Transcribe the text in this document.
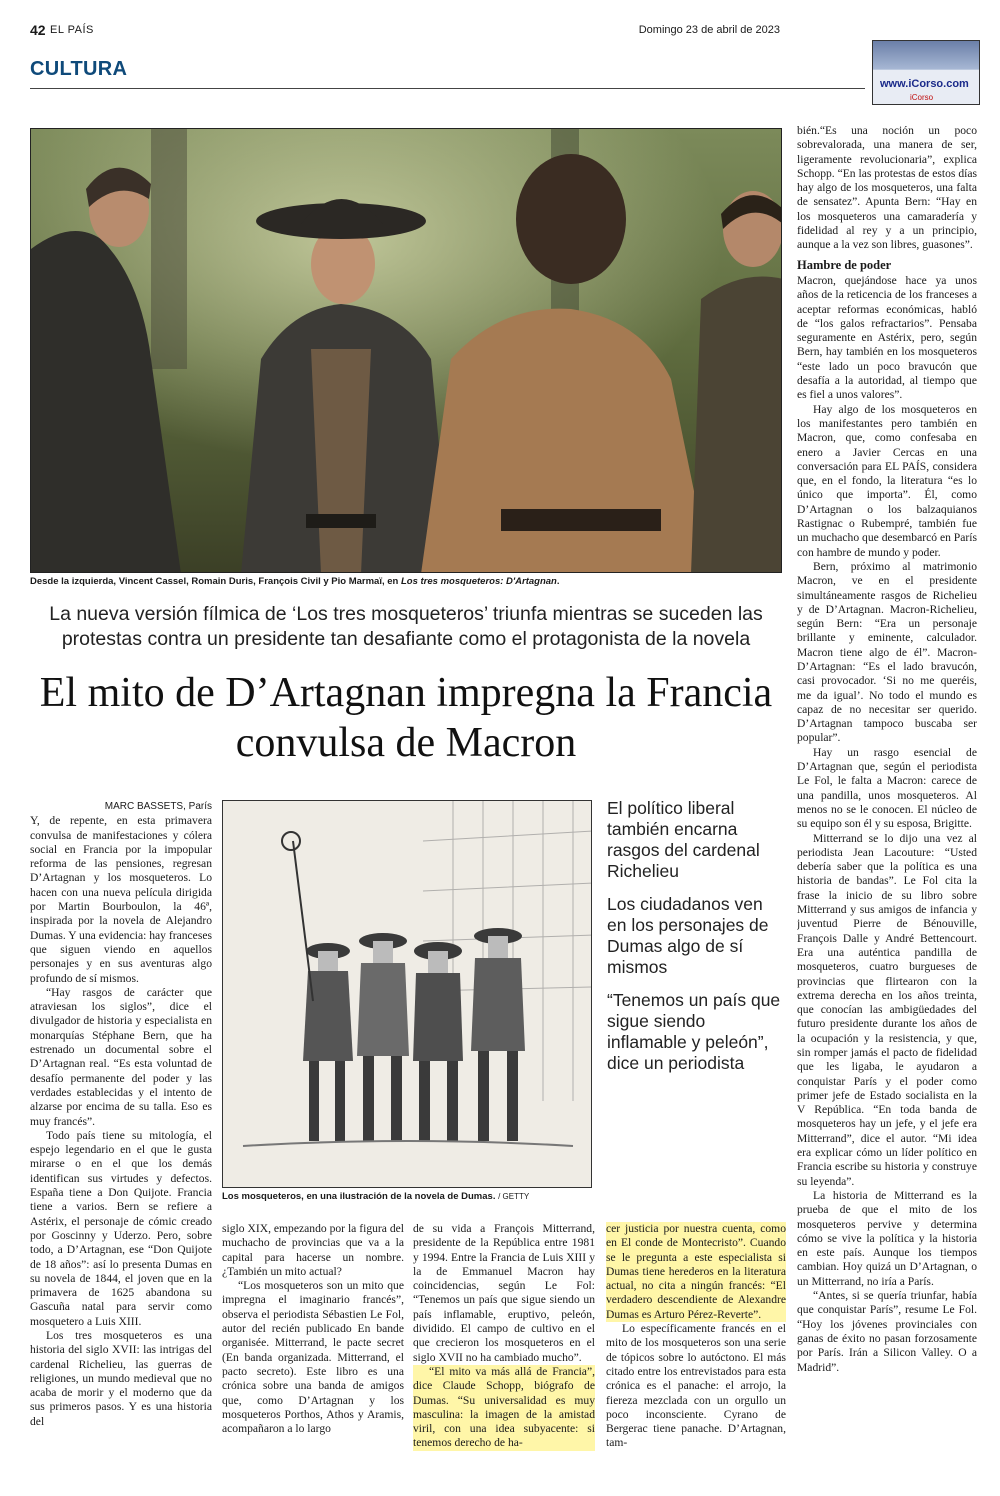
42 EL PAÍS	Domingo 23 de abril de 2023
CULTURA
www.iCorso.com
iCorso
Desde la izquierda, Vincent Cassel, Romain Duris, François Civil y Pio Marmaï, en Los tres mosqueteros: D'Artagnan.
La nueva versión fílmica de ‘Los tres mosqueteros’ triunfa mientras se suceden las protestas contra un presidente tan desafiante como el protagonista de la novela
El mito de D’Artagnan impregna la Francia convulsa de Macron
MARC BASSETS, París

Y, de repente, en esta primavera convulsa de manifestaciones y cólera social en Francia por la impopular reforma de las pensiones, regresan D’Artagnan y los mosqueteros. Lo hacen con una nueva película dirigida por Martin Bourboulon, la 46ª, inspirada por la novela de Alejandro Dumas. Y una evidencia: hay franceses que siguen viendo en aquellos personajes y en sus aventuras algo profundo de sí mismos.

“Hay rasgos de carácter que atraviesan los siglos”, dice el divulgador de historia y especialista en monarquías Stéphane Bern, que ha estrenado un documental sobre el D’Artagnan real. “Es esta voluntad de desafío permanente del poder y las verdades establecidas y el intento de alzarse por encima de su talla. Eso es muy francés”.

Todo país tiene su mitología, el espejo legendario en el que le gusta mirarse o en el que los demás identifican sus virtudes y defectos. España tiene a Don Quijote. Francia tiene a varios. Bern se refiere a Astérix, el personaje de cómic creado por Goscinny y Uderzo. Pero, sobre todo, a D’Artagnan, ese “Don Quijote de 18 años”: así lo presenta Dumas en su novela de 1844, el joven que en la primavera de 1625 abandona su Gascuña natal para servir como mosquetero a Luis XIII.

Los tres mosqueteros es una historia del siglo XVII: las intrigas del cardenal Richelieu, las guerras de religiones, un mundo medieval que no acaba de morir y el moderno que da sus primeros pasos. Y es una historia del

Los mosqueteros, en una ilustración de la novela de Dumas. / GETTY
El político liberal también encarna rasgos del cardenal Richelieu
Los ciudadanos ven en los personajes de Dumas algo de sí mismos
“Tenemos un país que sigue siendo inflamable y peleón”, dice un periodista

siglo XIX, empezando por la figura del muchacho de provincias que va a la capital para hacerse un nombre. ¿También un mito actual?

“Los mosqueteros son un mito que impregna el imaginario francés”, observa el periodista Sébastien Le Fol, autor del recién publicado En bande organisée. Mitterrand, le pacte secret (En banda organizada. Mitterrand, el pacto secreto). Este libro es una crónica sobre una banda de amigos que, como D’Artagnan y los mosqueteros Porthos, Athos y Aramis, acompañaron a lo largo

de su vida a François Mitterrand, presidente de la República entre 1981 y 1994. Entre la Francia de Luis XIII y la de Emmanuel Macron hay coincidencias, según Le Fol: “Tenemos un país que sigue siendo un país inflamable, eruptivo, peleón, dividido. El campo de cultivo en el que crecieron los mosqueteros en el siglo XVII no ha cambiado mucho”.

“El mito va más allá de Francia”, dice Claude Schopp, biógrafo de Dumas. “Su universalidad es muy masculina: la imagen de la amistad viril, con una idea subyacente: si tenemos derecho de ha-

cer justicia por nuestra cuenta, como en El conde de Montecristo”. Cuando se le pregunta a este especialista si Dumas tiene herederos en la literatura actual, no cita a ningún francés: “El verdadero descendiente de Alexandre Dumas es Arturo Pérez-Reverte”.

Lo específicamente francés en el mito de los mosqueteros son una serie de tópicos sobre lo autóctono. El más citado entre los entrevistados para esta crónica es el panache: el arrojo, la fiereza mezclada con un orgullo un poco inconsciente. Cyrano de Bergerac tiene panache. D’Artagnan, tam-

bién.“Es una noción un poco sobrevalorada, una manera de ser, ligeramente revolucionaria”, explica Schopp. “En las protestas de estos días hay algo de los mosqueteros, una falta de sensatez”. Apunta Bern: “Hay en los mosqueteros una camaradería y fidelidad al rey y a un principio, aunque a la vez son libres, guasones”.

Hambre de poder

Macron, quejándose hace ya unos años de la reticencia de los franceses a aceptar reformas económicas, habló de “los galos refractarios”. Pensaba seguramente en Astérix, pero, según Bern, hay también en los mosqueteros “este lado un poco bravucón que desafía a la autoridad, al tiempo que es fiel a unos valores”.

Hay algo de los mosqueteros en los manifestantes pero también en Macron, que, como confesaba en enero a Javier Cercas en una conversación para EL PAÍS, considera que, en el fondo, la literatura “es lo único que importa”. Él, como D’Artagnan o los balzaquianos Rastignac o Rubempré, también fue un muchacho que desembarcó en París con hambre de mundo y poder.

Bern, próximo al matrimonio Macron, ve en el presidente simultáneamente rasgos de Richelieu y de D’Artagnan. Macron-Richelieu, según Bern: “Era un personaje brillante y eminente, calculador. Macron tiene algo de él”. Macron-D’Artagnan: “Es el lado bravucón, casi provocador. ‘Si no me queréis, me da igual’. No todo el mundo es capaz de no necesitar ser querido. D’Artagnan tampoco buscaba ser popular”.

Hay un rasgo esencial de D’Artagnan que, según el periodista Le Fol, le falta a Macron: carece de una pandilla, unos mosqueteros. Al menos no se le conocen. El núcleo de su equipo son él y su esposa, Brigitte.

Mitterrand se lo dijo una vez al periodista Jean Lacouture: “Usted debería saber que la política es una historia de bandas”. Le Fol cita la frase la inicio de su libro sobre Mitterrand y sus amigos de infancia y juventud Pierre de Bénouville, François Dalle y André Bettencourt. Era una auténtica pandilla de mosqueteros, cuatro burgueses de provincias que flirtearon con la extrema derecha en los años treinta, que conocían las ambigüedades del futuro presidente durante los años de la ocupación y la resistencia, y que, sin romper jamás el pacto de fidelidad que les ligaba, le ayudaron a conquistar París y el poder como primer jefe de Estado socialista en la V República. “En toda banda de mosqueteros hay un jefe, y el jefe era Mitterrand”, dice el autor. “Mi idea era explicar cómo un líder político en Francia escribe su historia y construye su leyenda”.

La historia de Mitterrand es la prueba de que el mito de los mosqueteros pervive y determina cómo se vive la política y la historia en este país. Aunque los tiempos cambian. Hoy quizá un D’Artagnan, o un Mitterrand, no iría a París.

“Antes, si se quería triunfar, había que conquistar París”, resume Le Fol. “Hoy los jóvenes provinciales con ganas de éxito no pasan forzosamente por París. Irán a Silicon Valley. O a Madrid”.
